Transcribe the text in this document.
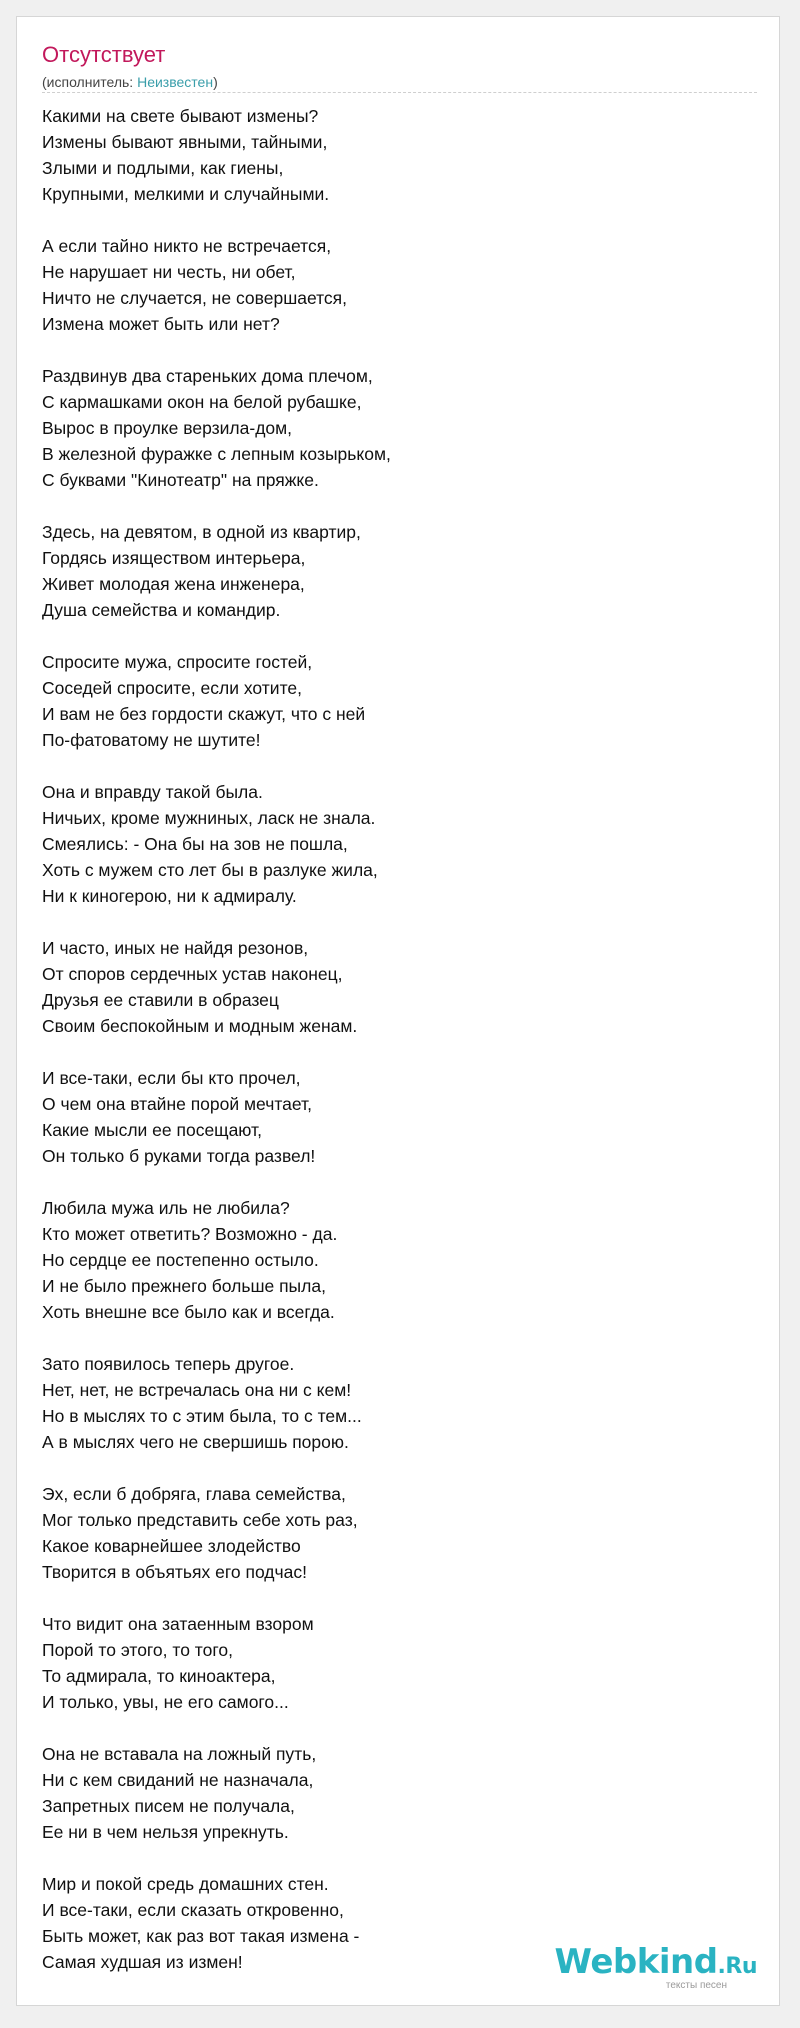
Отсутствует
(исполнитель: Неизвестен)
Какими на свете бывают измены?
Измены бывают явными, тайными,
Злыми и подлыми, как гиены,
Крупными, мелкими и случайными.
А если тайно никто не встречается,
Не нарушает ни честь, ни обет,
Ничто не случается, не совершается,
Измена может быть или нет?
Раздвинув два стареньких дома плечом,
С кармашками окон на белой рубашке,
Вырос в проулке верзила-дом,
В железной фуражке с лепным козырьком,
С буквами "Кинотеатр" на пряжке.
Здесь, на девятом, в одной из квартир,
Гордясь изяществом интерьера,
Живет молодая жена инженера,
Душа семейства и командир.
Спросите мужа, спросите гостей,
Соседей спросите, если хотите,
И вам не без гордости скажут, что с ней
По-фатоватому не шутите!
Она и вправду такой была.
Ничьих, кроме мужниных, ласк не знала.
Смеялись: - Она бы на зов не пошла,
Хоть с мужем сто лет бы в разлуке жила,
Ни к киногерою, ни к адмиралу.
И часто, иных не найдя резонов,
От споров сердечных устав наконец,
Друзья ее ставили в образец
Своим беспокойным и модным женам.
И все-таки, если бы кто прочел,
О чем она втайне порой мечтает,
Какие мысли ее посещают,
Он только б руками тогда развел!
Любила мужа иль не любила?
Кто может ответить? Возможно - да.
Но сердце ее постепенно остыло.
И не было прежнего больше пыла,
Хоть внешне все было как и всегда.
Зато появилось теперь другое.
Нет, нет, не встречалась она ни с кем!
Но в мыслях то с этим была, то с тем...
А в мыслях чего не свершишь порою.
Эх, если б добряга, глава семейства,
Мог только представить себе хоть раз,
Какое коварнейшее злодейство
Творится в объятьях его подчас!
Что видит она затаенным взором
Порой то этого, то того,
То адмирала, то киноактера,
И только, увы, не его самого...
Она не вставала на ложный путь,
Ни с кем свиданий не назначала,
Запретных писем не получала,
Ее ни в чем нельзя упрекнуть.
Мир и покой средь домашних стен.
И все-таки, если сказать откровенно,
Быть может, как раз вот такая измена -
Самая худшая из измен!	Webkind.Ru
тексты песен
